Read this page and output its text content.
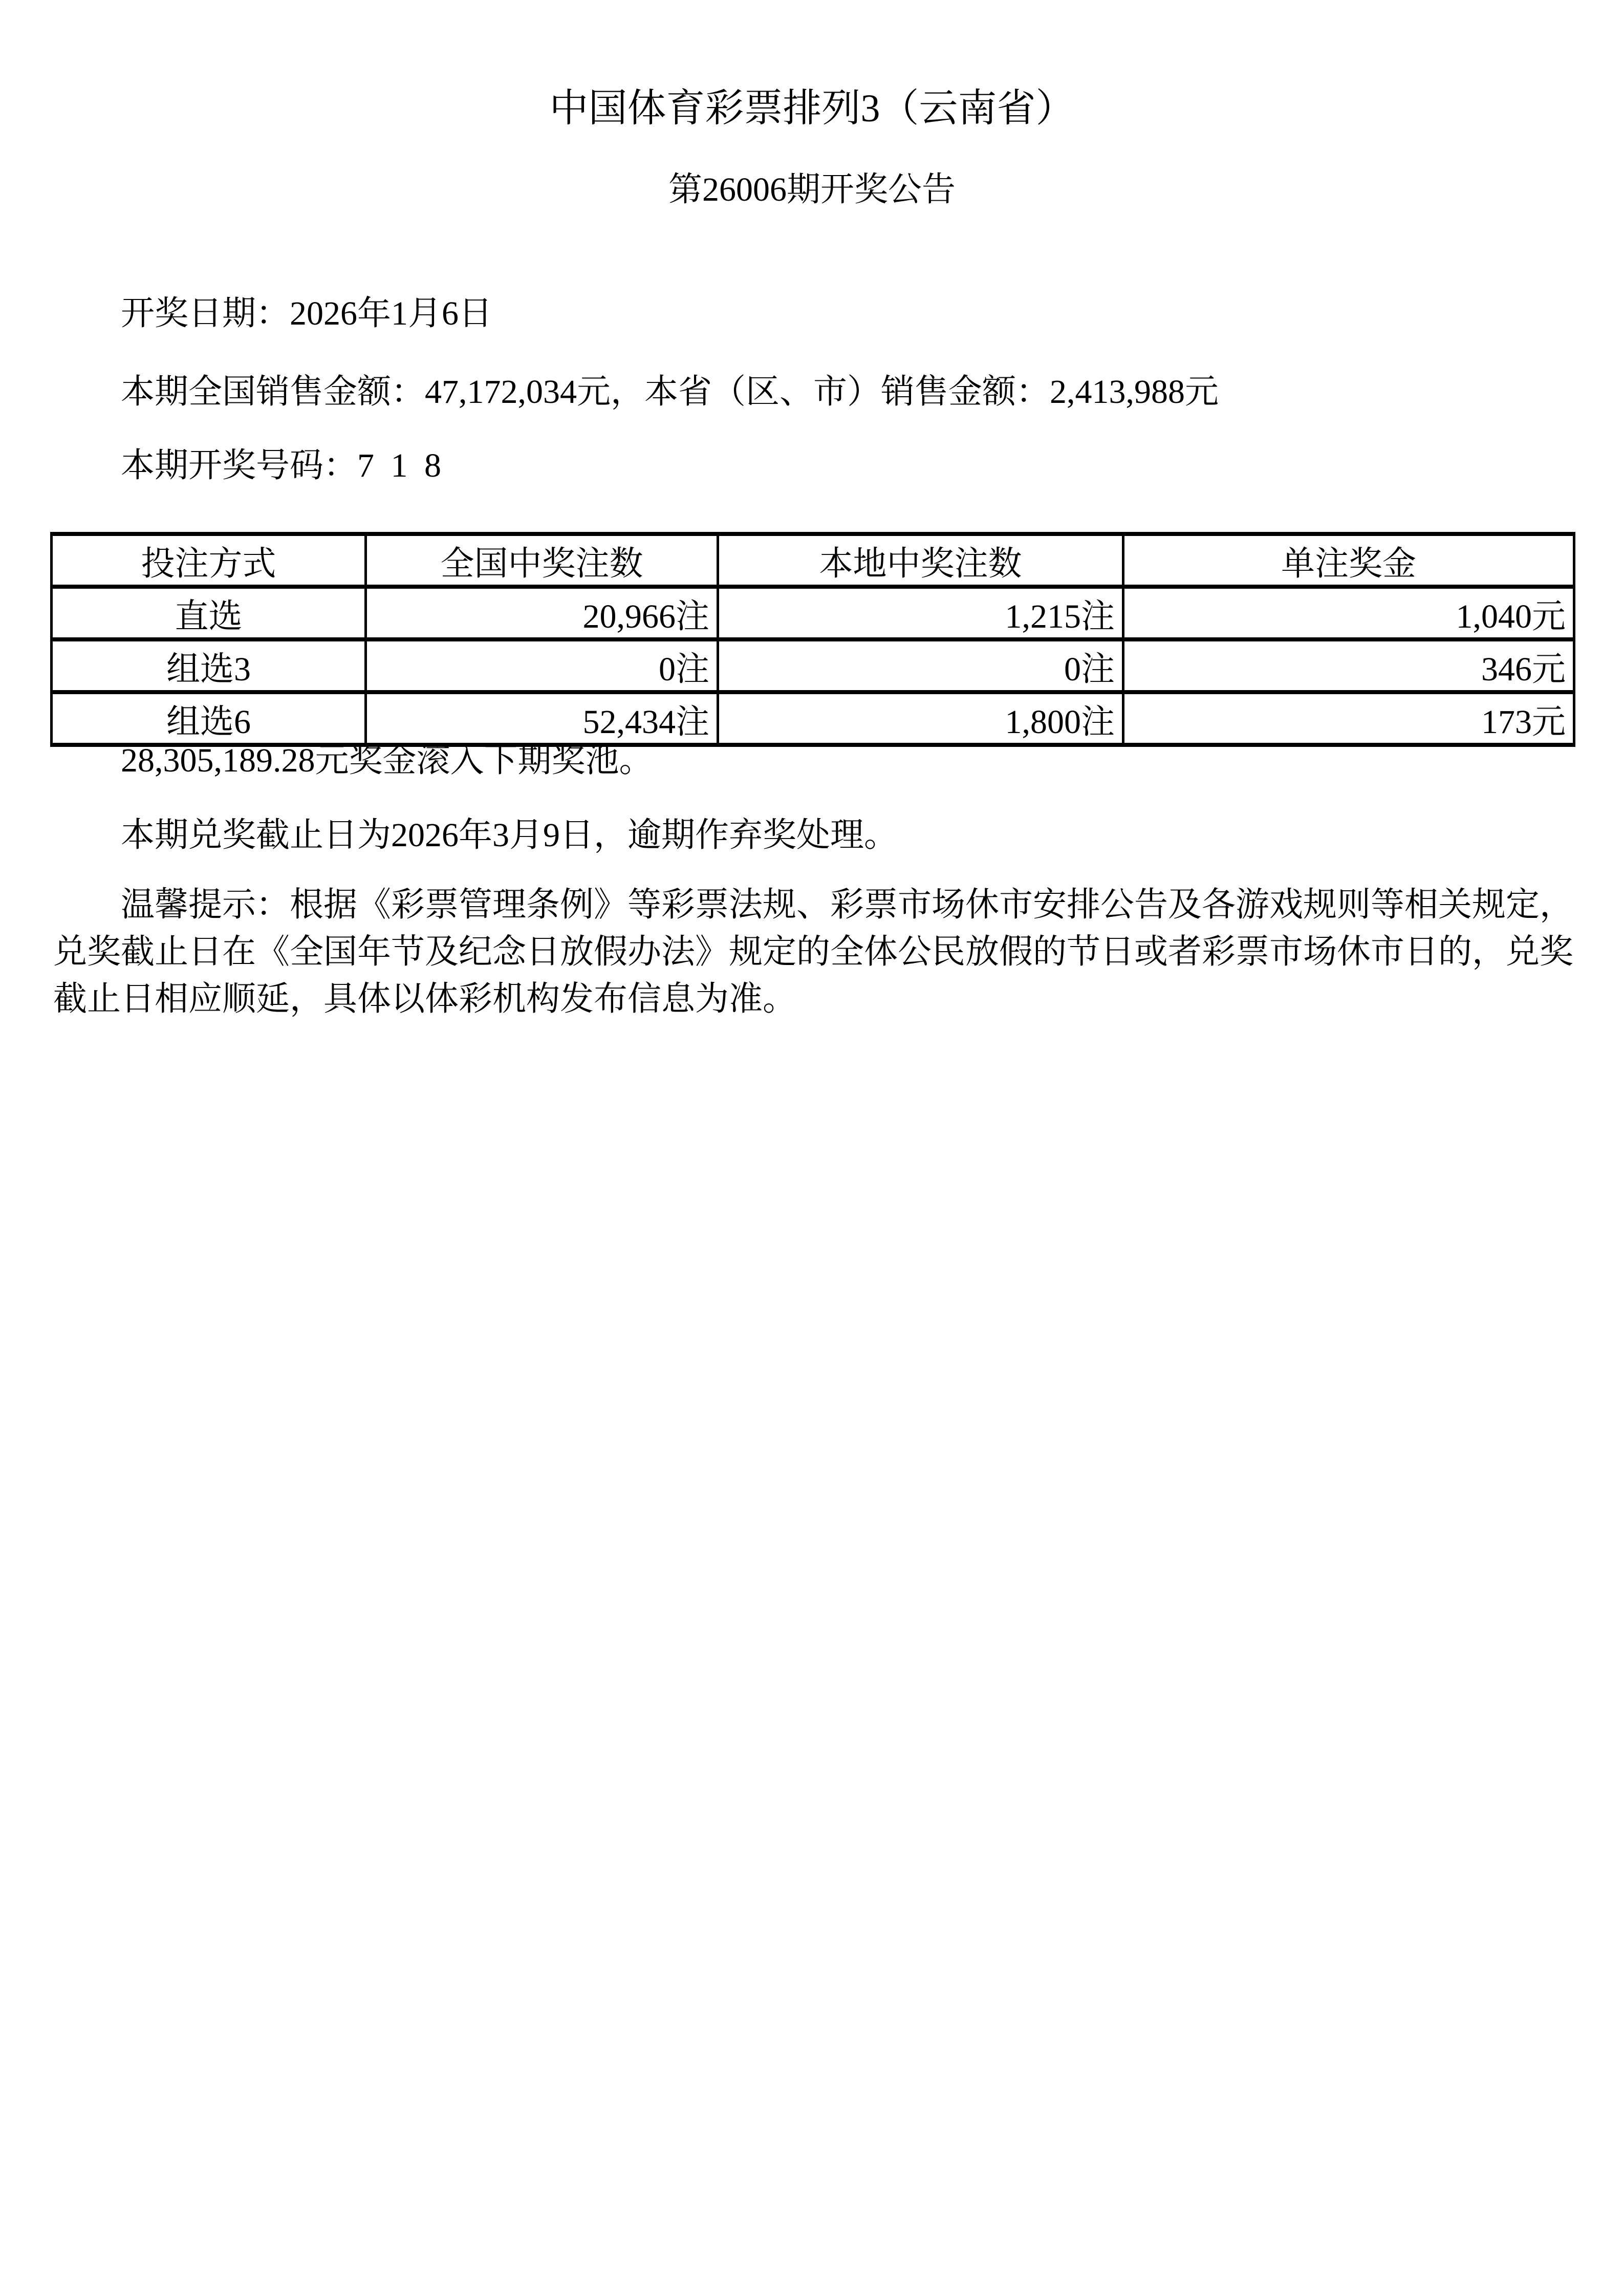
中国体育彩票排列3（云南省）
第26006期开奖公告

开奖日期：2026年1月6日

本期全国销售金额：47,172,034元，本省（区、市）销售金额：2,413,988元

本期开奖号码：7 1 8

投注方式	全国中奖注数	本地中奖注数	单注奖金
直选	20,966注	1,215注	1,040元
组选3	0注	0注	346元
组选6	52,434注	1,800注	173元

28,305,189.28元奖金滚入下期奖池。

本期兑奖截止日为2026年3月9日，逾期作弃奖处理。

温馨提示：根据《彩票管理条例》等彩票法规、彩票市场休市安排公告及各游戏规则等相关规定，
兑奖截止日在《全国年节及纪念日放假办法》规定的全体公民放假的节日或者彩票市场休市日的，兑奖
截止日相应顺延，具体以体彩机构发布信息为准。
